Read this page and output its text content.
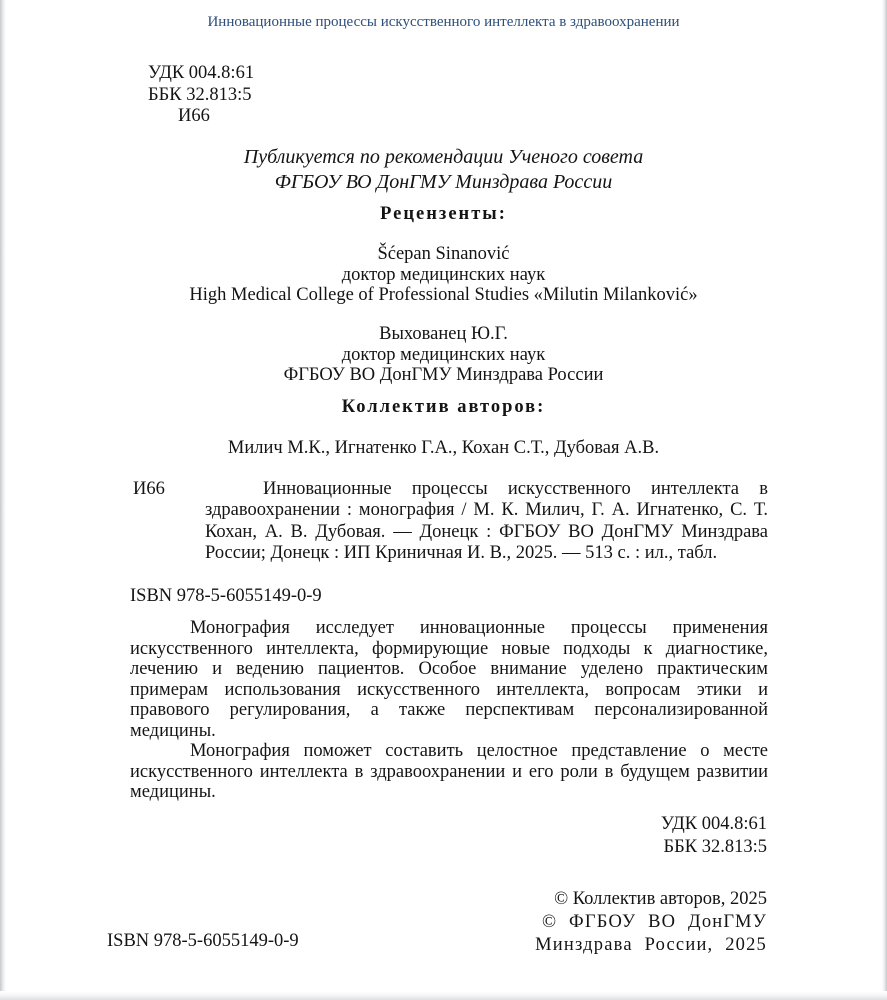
Инновационные процессы искусственного интеллекта в здравоохранении
УДК 004.8:61
ББК 32.813:5
И66
Публикуется по рекомендации Ученого совета
ФГБОУ ВО ДонГМУ Минздрава России
Рецензенты:
Šćepan Sinanović
доктор медицинских наук
High Medical College of Professional Studies «Milutin Milanković»
Выхованец Ю.Г.
доктор медицинских наук
ФГБОУ ВО ДонГМУ Минздрава России
Коллектив авторов:
Милич М.К., Игнатенко Г.А., Кохан С.Т., Дубовая А.В.
И66	Инновационные процессы искусственного интеллекта в здравоохранении : монография / М. К. Милич, Г. А. Игнатенко, С. Т. Кохан, А. В. Дубовая. — Донецк : ФГБОУ ВО ДонГМУ Минздрава России; Донецк : ИП Криничная И. В., 2025. — 513 с. : ил., табл.
ISBN 978-5-6055149-0-9

Монография исследует инновационные процессы применения искусственного интеллекта, формирующие новые подходы к диагностике, лечению и ведению пациентов. Особое внимание уделено практическим примерам использования искусственного интеллекта, вопросам этики и правового регулирования, а также перспективам персонализированной медицины.

Монография поможет составить целостное представление о месте искусственного интеллекта в здравоохранении и его роли в будущем развитии медицины.

УДК 004.8:61
ББК 32.813:5
© Коллектив авторов, 2025
© ФГБОУ ВО ДонГМУ
Минздрава России, 2025
ISBN 978-5-6055149-0-9
